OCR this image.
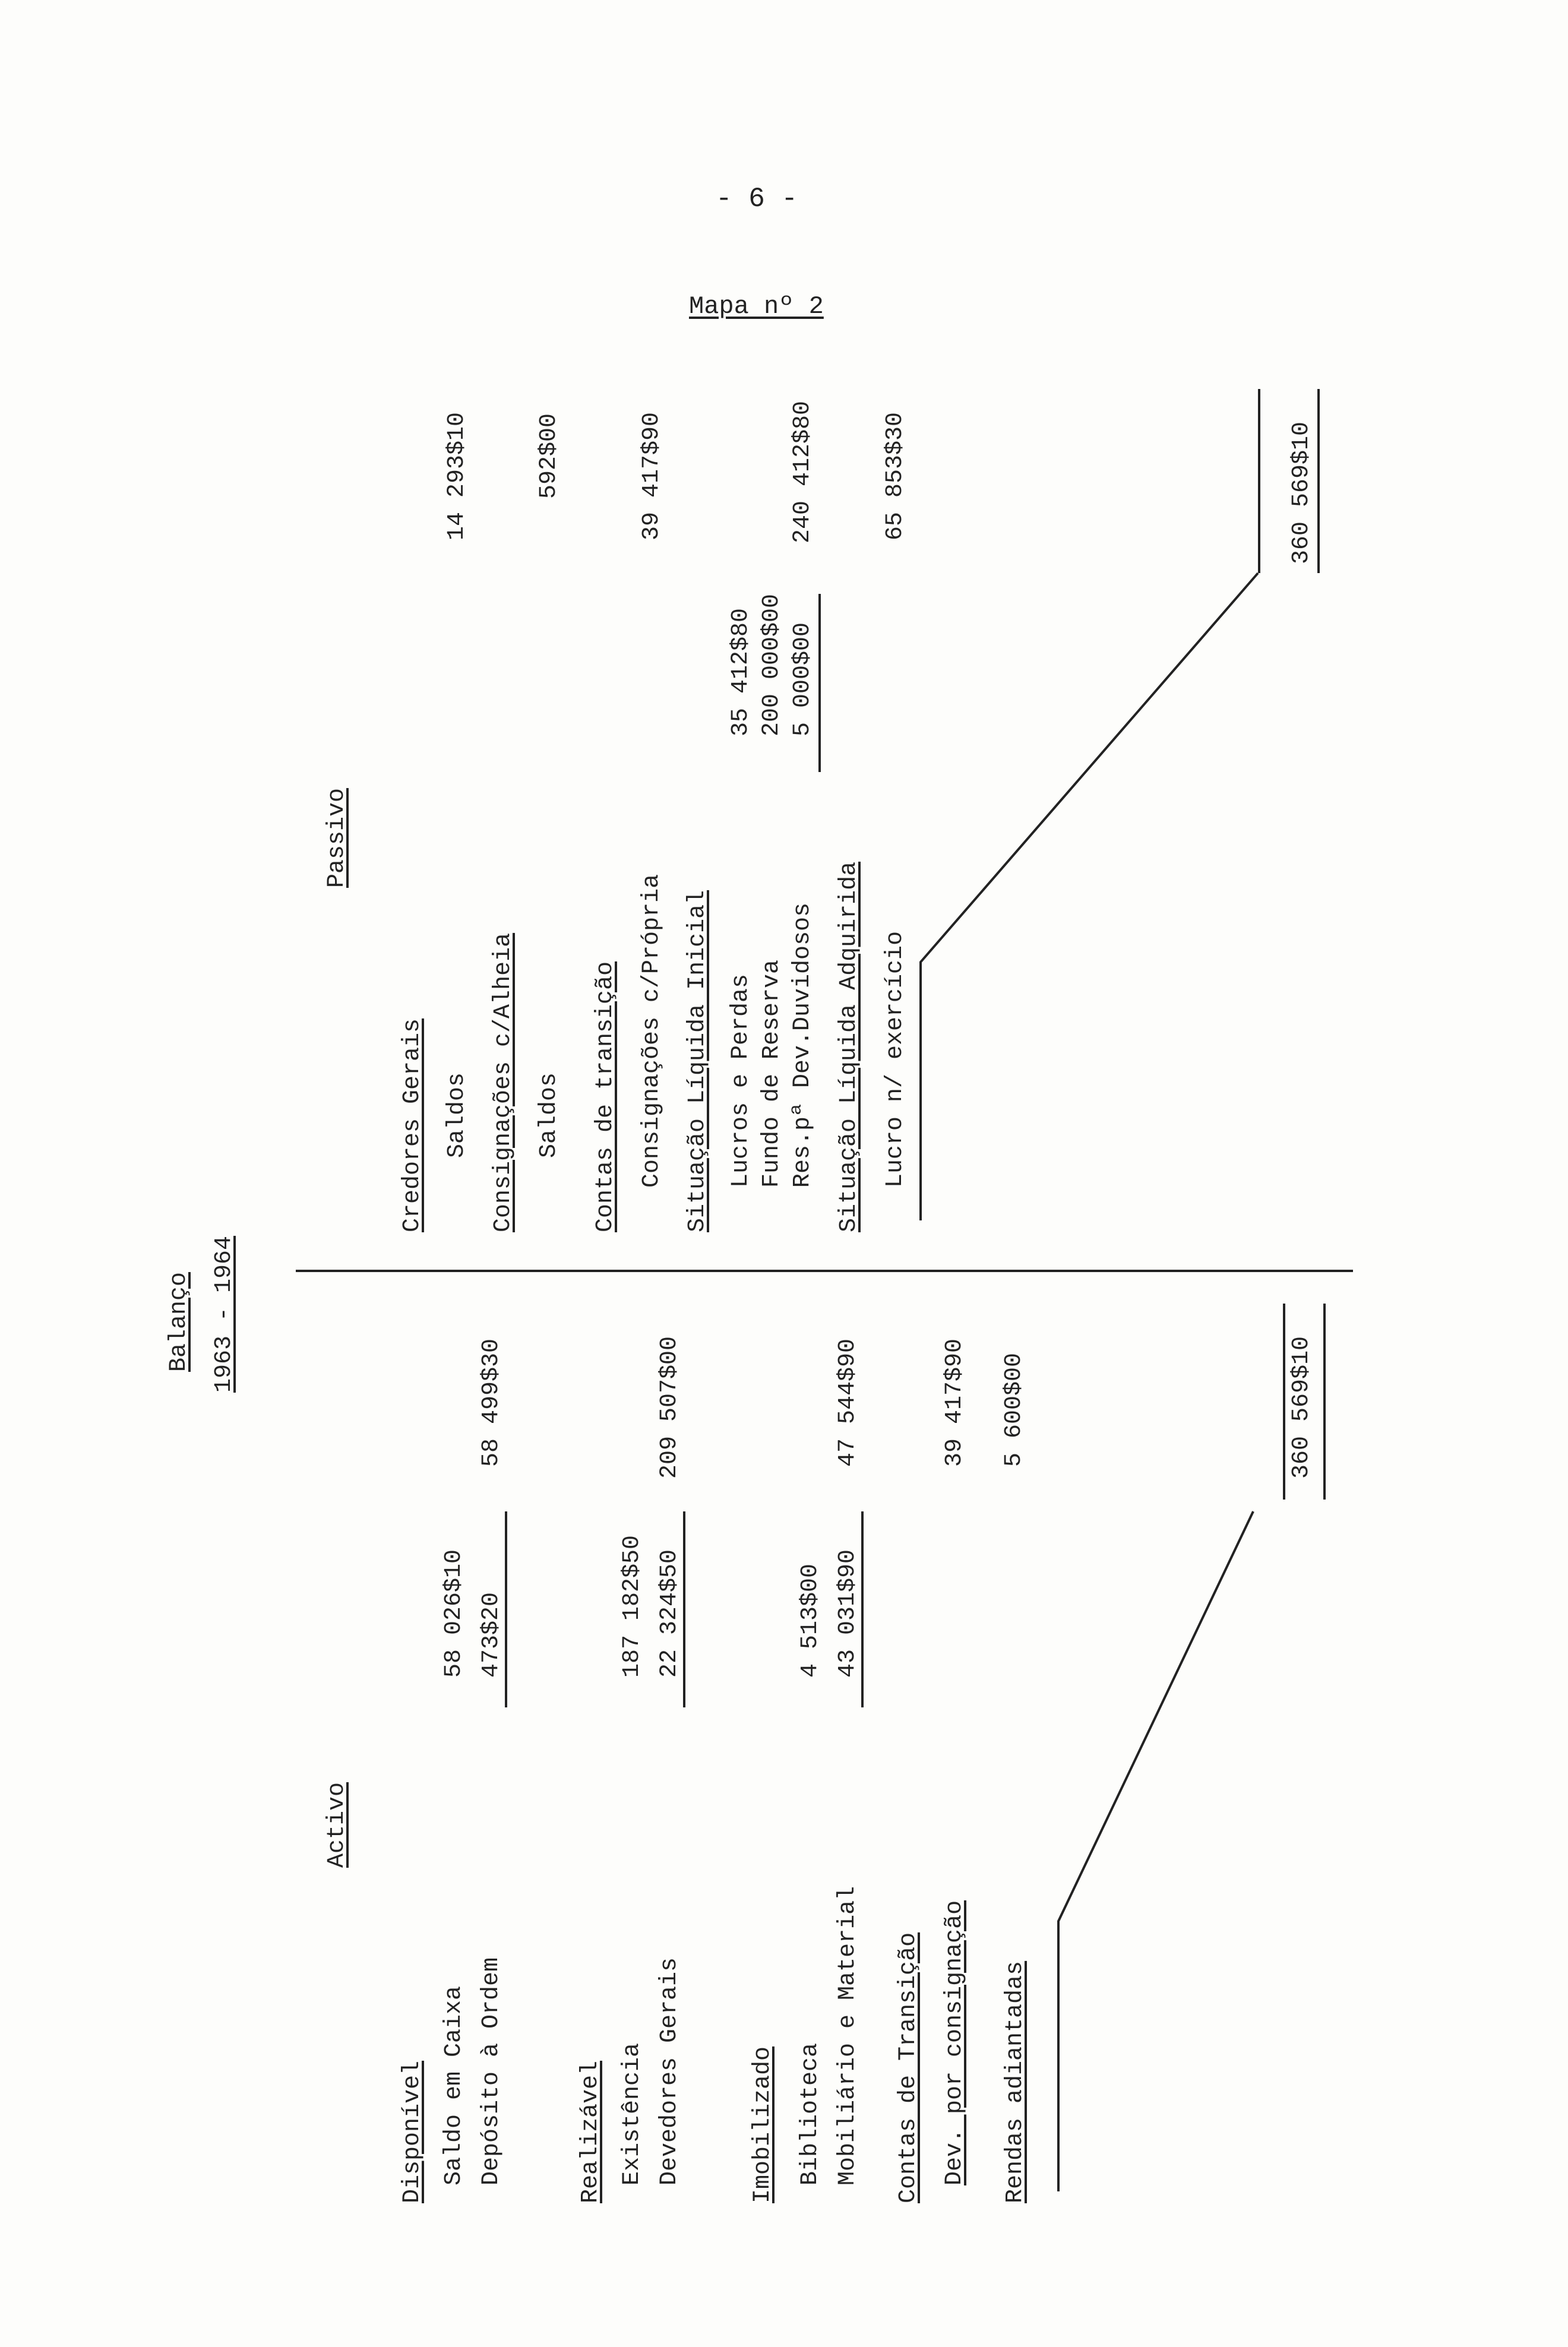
- 6 -
Mapa nº 2
Balanço 1963 - 1964
Activo
Disponível Saldo em Caixa Depósito à Ordem
58 026$10 473$20
58 499$30
Realizável Existência Devedores Gerais
187 182$50 22 324$50
209 507$00
Imobilizado Biblioteca Mobiliário e Material
4 513$00 43 031$90
47 544$90
Contas de Transição Dev. por consignação
39 417$90
Rendas adiantadas
5 600$00	360 569$10
Passivo
Credores Gerais Saldos
14 293$10
Consignações c/Alheia Saldos
592$00
Contas de transição Consignações c/Própria
39 417$90
Situação Líquida Inicial Lucros e Perdas Fundo de Reserva Res.pª Dev.Duvidosos
35 412$80 200 000$00 5 000$00
240 412$80
Situação Líquida Adquirida Lucro n/ exercício
65 853$30	360 569$10
